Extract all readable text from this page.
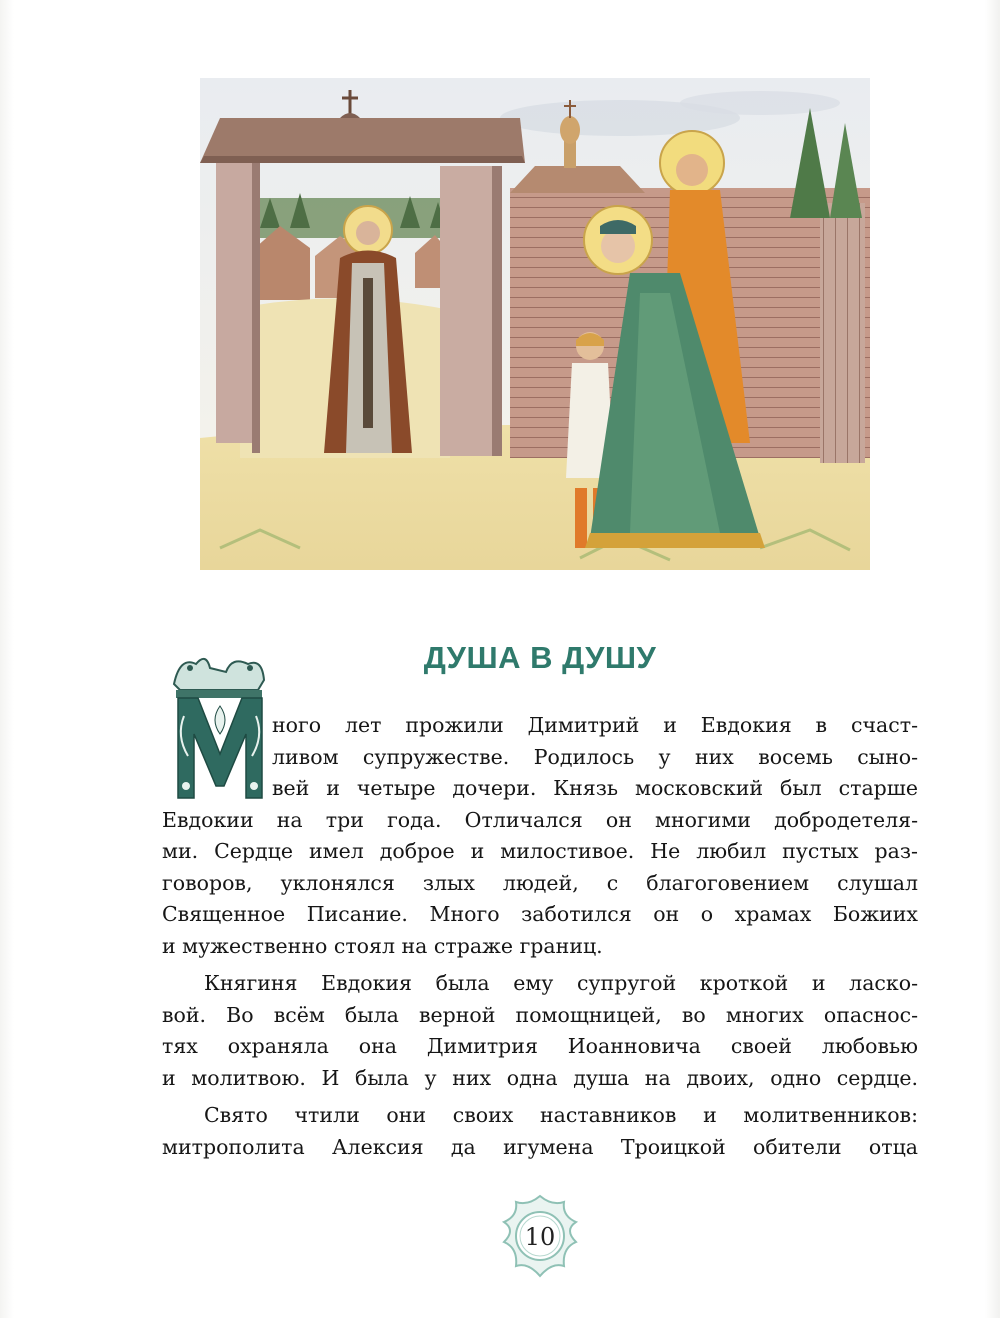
ДУША В ДУШУ
ного лет прожили Димитрий и Евдокия в счаст-
ливом супружестве. Родилось у них восемь сыно-
вей и четыре дочери. Князь московский был старше
Евдокии на три года. Отличался он многими добродетеля-
ми. Сердце имел доброе и милостивое. Не любил пустых раз-
говоров, уклонялся злых людей, с благоговением слушал
Священное Писание. Много заботился он о храмах Божиих
и мужественно стоял на страже границ.
Княгиня Евдокия была ему супругой кроткой и ласко-
вой. Во всём была верной помощницей, во многих опаснос-
тях охраняла она Димитрия Иоанновича своей любовью
и молитвою. И была у них одна душа на двоих, одно сердце.
Свято чтили они своих наставников и молитвенников:
митрополита Алексия да игумена Троицкой обители отца
10
